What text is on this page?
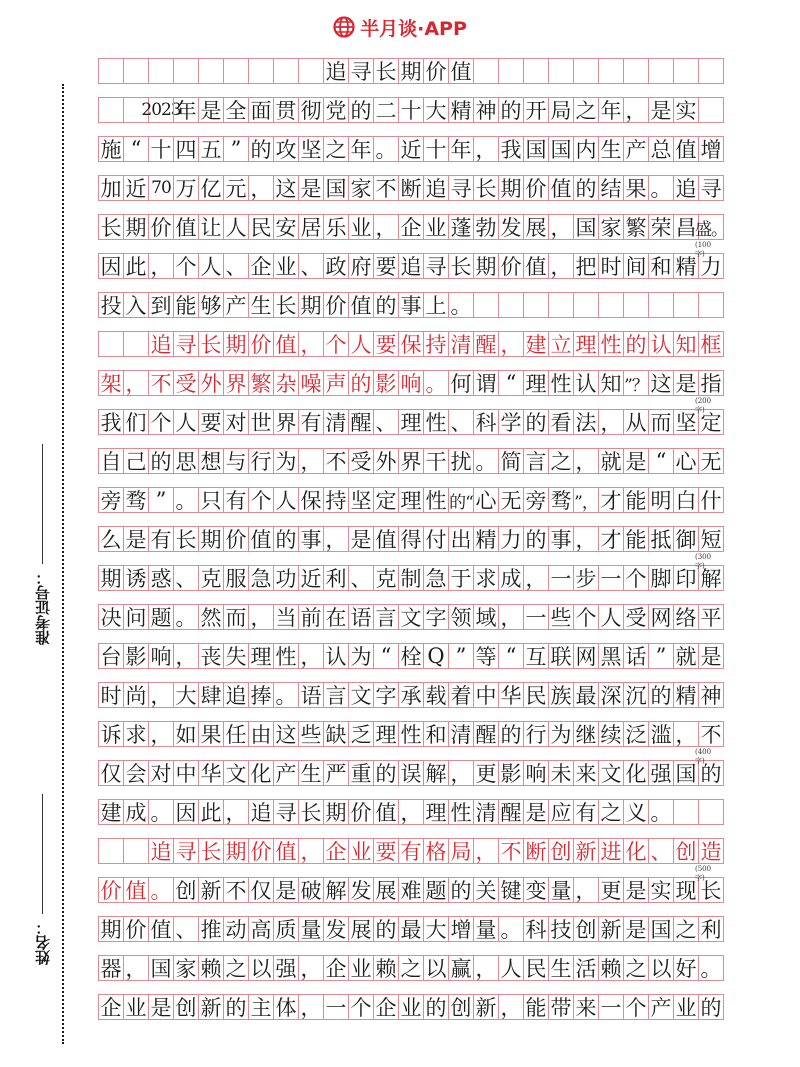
半月谈·APP
准考证号：
姓名：
追 寻 长 期 价 值
2023
年 是 全 面 贯 彻 党 的 二 十 大 精 神 的 开 局 之 年 ， 是 实
施 “ 十 四 五 ” 的 攻 坚 之 年 。 近 十 年 ， 我 国 国 内 生 产 总 值 增
加 近 70 万 亿 元 ， 这 是 国 家 不 断 追 寻 长 期 价 值 的 结 果 。 追 寻
长 期 价 值 让 人 民 安 居 乐 业 ， 企 业 蓬 勃 发 展 ， 国 家 繁 荣 昌
盛。
因 此 ， 个 人 、 企 业 、 政 府 要 追 寻 长 期 价 值 ， 把 时 间 和 精 力
投 入 到 能 够 产 生 长 期 价 值 的 事 上 。
追 寻 长 期 价 值 ， 个 人 要 保 持 清 醒 ， 建 立 理 性 的 认 知 框
架 ， 不 受 外 界 繁 杂 噪 声 的 影 响 。 何 谓 “ 理 性 认 知 ”？ 这 是 指
我 们 个 人 要 对 世 界 有 清 醒 、 理 性 、 科 学 的 看 法 ， 从 而 坚 定
自 己 的 思 想 与 行 为 ， 不 受 外 界 干 扰 。 简 言 之 ， 就 是 “ 心 无
旁 骛 ” 。 只 有 个 人 保 持 坚 定 理 性 的“ 心 无 旁 骛 ”， 才 能 明 白 什
么 是 有 长 期 价 值 的 事 ， 是 值 得 付 出 精 力 的 事 ， 才 能 抵 御 短
期 诱 惑 、 克 服 急 功 近 利 、 克 制 急 于 求 成 ， 一 步 一 个 脚 印 解
决 问 题 。 然 而 ， 当 前 在 语 言 文 字 领 域 ， 一 些 个 人 受 网 络 平
台 影 响 ， 丧 失 理 性 ， 认 为 “ 栓 Q ” 等 “ 互 联 网 黑 话 ” 就 是
时 尚 ， 大 肆 追 捧 。 语 言 文 字 承 载 着 中 华 民 族 最 深 沉 的 精 神
诉 求 ， 如 果 任 由 这 些 缺 乏 理 性 和 清 醒 的 行 为 继 续 泛 滥 ， 不
仅 会 对 中 华 文 化 产 生 严 重 的 误 解 ， 更 影 响 未 来 文 化 强 国 的
建 成 。 因 此 ， 追 寻 长 期 价 值 ， 理 性 清 醒 是 应 有 之 义 。
追 寻 长 期 价 值 ， 企 业 要 有 格 局 ， 不 断 创 新 进 化 、 创 造
价 值 。 创 新 不 仅 是 破 解 发 展 难 题 的 关 键 变 量 ， 更 是 实 现 长
期 价 值 、 推 动 高 质 量 发 展 的 最 大 增 量 。 科 技 创 新 是 国 之 利
器 ， 国 家 赖 之 以 强 ， 企 业 赖 之 以 赢 ， 人 民 生 活 赖 之 以 好 。
企 业 是 创 新 的 主 体 ， 一 个 企 业 的 创 新 ， 能 带 来 一 个 产 业 的
(100字)
(200字)
(300字)
(400字)
(500字)
